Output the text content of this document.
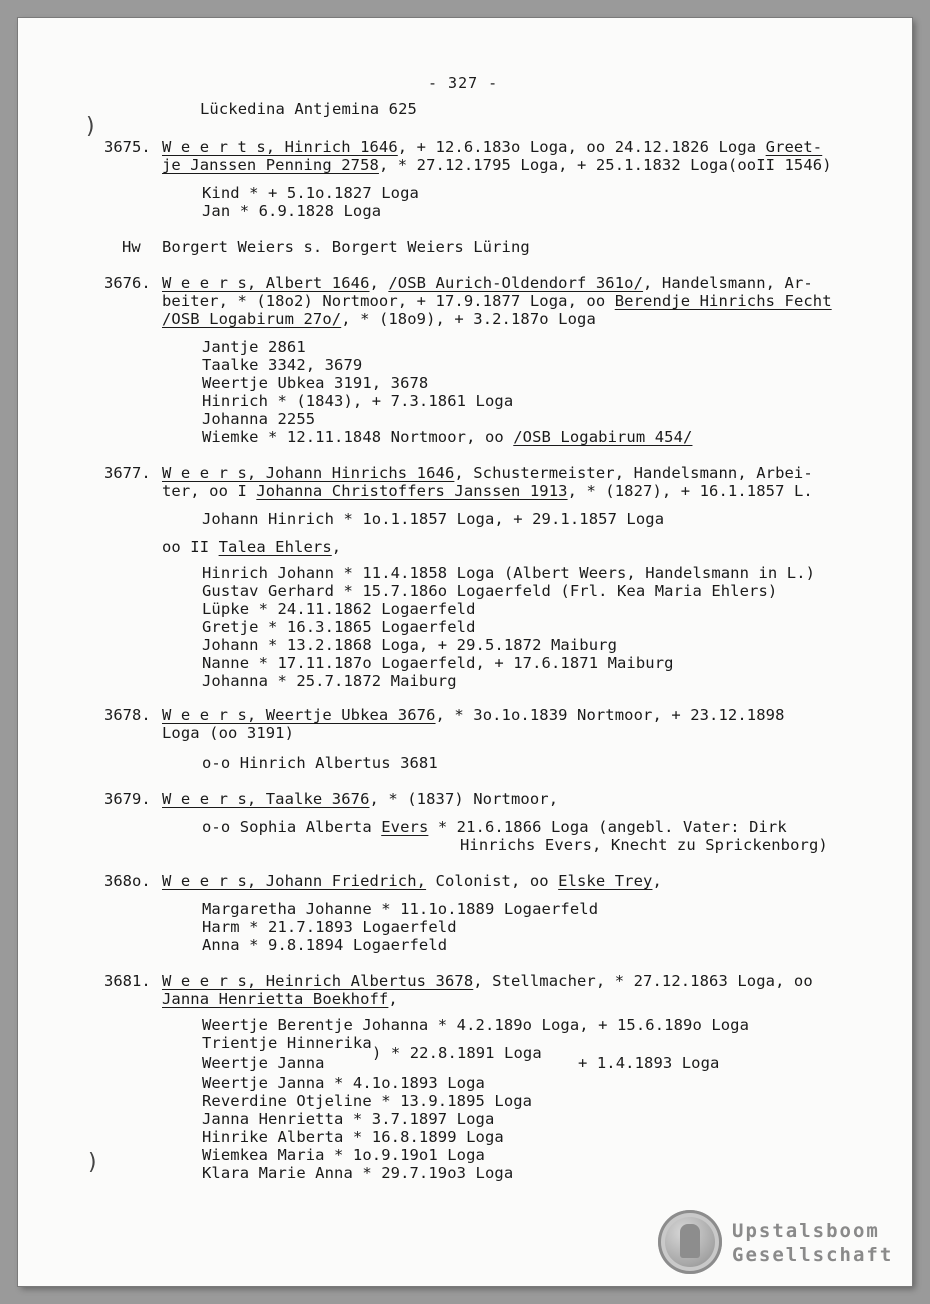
- 327 -
Lückedina Antjemina 625
3675. W e e r t s, Hinrich 1646, + 12.6.183o Loga, oo 24.12.1826 Loga Greet-
je Janssen Penning 2758, * 27.12.1795 Loga, + 25.1.1832 Loga(ooII 1546)
Kind * + 5.1o.1827 Loga
Jan * 6.9.1828 Loga
Hw Borgert Weiers s. Borgert Weiers Lüring
3676. W e e r s, Albert 1646, /OSB Aurich-Oldendorf 361o/, Handelsmann, Ar-
beiter, * (18o2) Nortmoor, + 17.9.1877 Loga, oo Berendje Hinrichs Fecht
/OSB Logabirum 27o/, * (18o9), + 3.2.187o Loga
Jantje 2861
Taalke 3342, 3679
Weertje Ubkea 3191, 3678
Hinrich * (1843), + 7.3.1861 Loga
Johanna 2255
Wiemke * 12.11.1848 Nortmoor, oo /OSB Logabirum 454/
3677. W e e r s, Johann Hinrichs 1646, Schustermeister, Handelsmann, Arbei-
ter, oo I Johanna Christoffers Janssen 1913, * (1827), + 16.1.1857 L.
Johann Hinrich * 1o.1.1857 Loga, + 29.1.1857 Loga
oo II Talea Ehlers,
Hinrich Johann * 11.4.1858 Loga (Albert Weers, Handelsmann in L.)
Gustav Gerhard * 15.7.186o Logaerfeld (Frl. Kea Maria Ehlers)
Lüpke * 24.11.1862 Logaerfeld
Gretje * 16.3.1865 Logaerfeld
Johann * 13.2.1868 Loga, + 29.5.1872 Maiburg
Nanne * 17.11.187o Logaerfeld, + 17.6.1871 Maiburg
Johanna * 25.7.1872 Maiburg
3678. W e e r s, Weertje Ubkea 3676, * 3o.1o.1839 Nortmoor, + 23.12.1898
Loga (oo 3191)
o-o Hinrich Albertus 3681
3679. W e e r s, Taalke 3676, * (1837) Nortmoor,
o-o Sophia Alberta Evers * 21.6.1866 Loga (angebl. Vater: Dirk
Hinrichs Evers, Knecht zu Sprickenborg)
368o. W e e r s, Johann Friedrich, Colonist, oo Elske Trey,
Margaretha Johanne * 11.1o.1889 Logaerfeld
Harm * 21.7.1893 Logaerfeld
Anna * 9.8.1894 Logaerfeld
3681. W e e r s, Heinrich Albertus 3678, Stellmacher, * 27.12.1863 Loga, oo
Janna Henrietta Boekhoff,
Weertje Berentje Johanna * 4.2.189o Loga, + 15.6.189o Loga
Trientje Hinnerika
) * 22.8.1891 Loga
+ 1.4.1893 Loga
Weertje Janna
Weertje Janna * 4.1o.1893 Loga
Reverdine Otjeline * 13.9.1895 Loga
Janna Henrietta * 3.7.1897 Loga
Hinrike Alberta * 16.8.1899 Loga
Wiemkea Maria * 1o.9.19o1 Loga
Klara Marie Anna * 29.7.19o3 Loga
)
)
Upstalsboom
Gesellschaft
